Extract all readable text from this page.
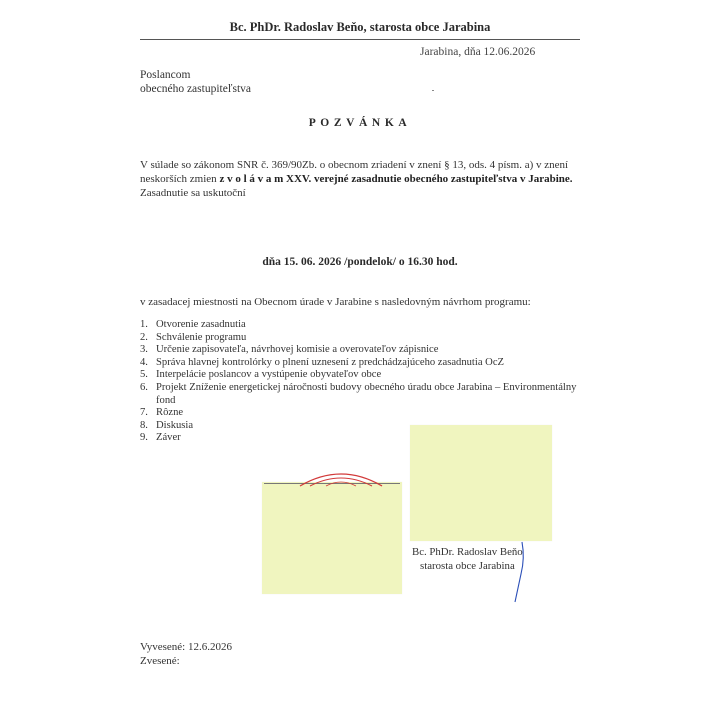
Bc. PhDr. Radoslav Beňo, starosta obce Jarabina
Jarabina, dňa 12.06.2026
Poslancom
obecného zastupiteľstva
POZVÁNKA
V súlade so zákonom SNR č. 369/90Zb. o obecnom zriadení v znení § 13, ods. 4 písm. a) v znení neskorších zmien z v o l á v a m XXV. verejné zasadnutie obecného zastupiteľstva v Jarabine.
Zasadnutie sa uskutoční
dňa 15. 06. 2026 /pondelok/ o 16.30 hod.
v zasadacej miestnosti na Obecnom úrade v Jarabine s nasledovným návrhom programu:
1. Otvorenie zasadnutia
2. Schválenie programu
3. Určenie zapisovateľa, návrhovej komisie a overovateľov zápisnice
4. Správa hlavnej kontrolórky o plnení uznesení z predchádzajúceho zasadnutia OcZ
5. Interpelácie poslancov a vystúpenie obyvateľov obce
6. Projekt Zníženie energetickej náročnosti budovy obecného úradu obce Jarabina – Environmentálny fond
7. Rôzne
8. Diskusia
9. Záver
Bc. PhDr. Radoslav Beňo
starosta obce Jarabina
Vyvesené: 12.6.2026
Zvesené:
